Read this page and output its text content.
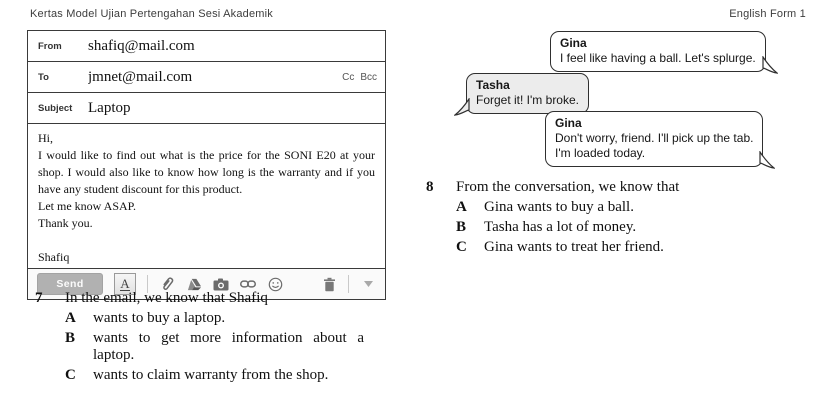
Kertas Model Ujian Pertengahan Sesi Akademik	English Form 1
From	shafiq@mail.com
To	jmnet@mail.com	Cc Bcc
Subject	Laptop
Hi,

I would like to find out what is the price for the SONI E20 at your shop. I would also like to know how long is the warranty and if you have any student discount for this product.

Let me know ASAP.
Thank you.
Shafiq
Send	A
7	In the email, we know that Shafiq
A	wants to buy a laptop.
B	wants to get more information about a laptop.
C	wants to claim warranty from the shop.
Gina
I feel like having a ball. Let's splurge.
Tasha
Forget it! I'm broke.
Gina
Don't worry, friend. I'll pick up the tab.
I'm loaded today.
8	From the conversation, we know that
A	Gina wants to buy a ball.
B	Tasha has a lot of money.
C	Gina wants to treat her friend.
